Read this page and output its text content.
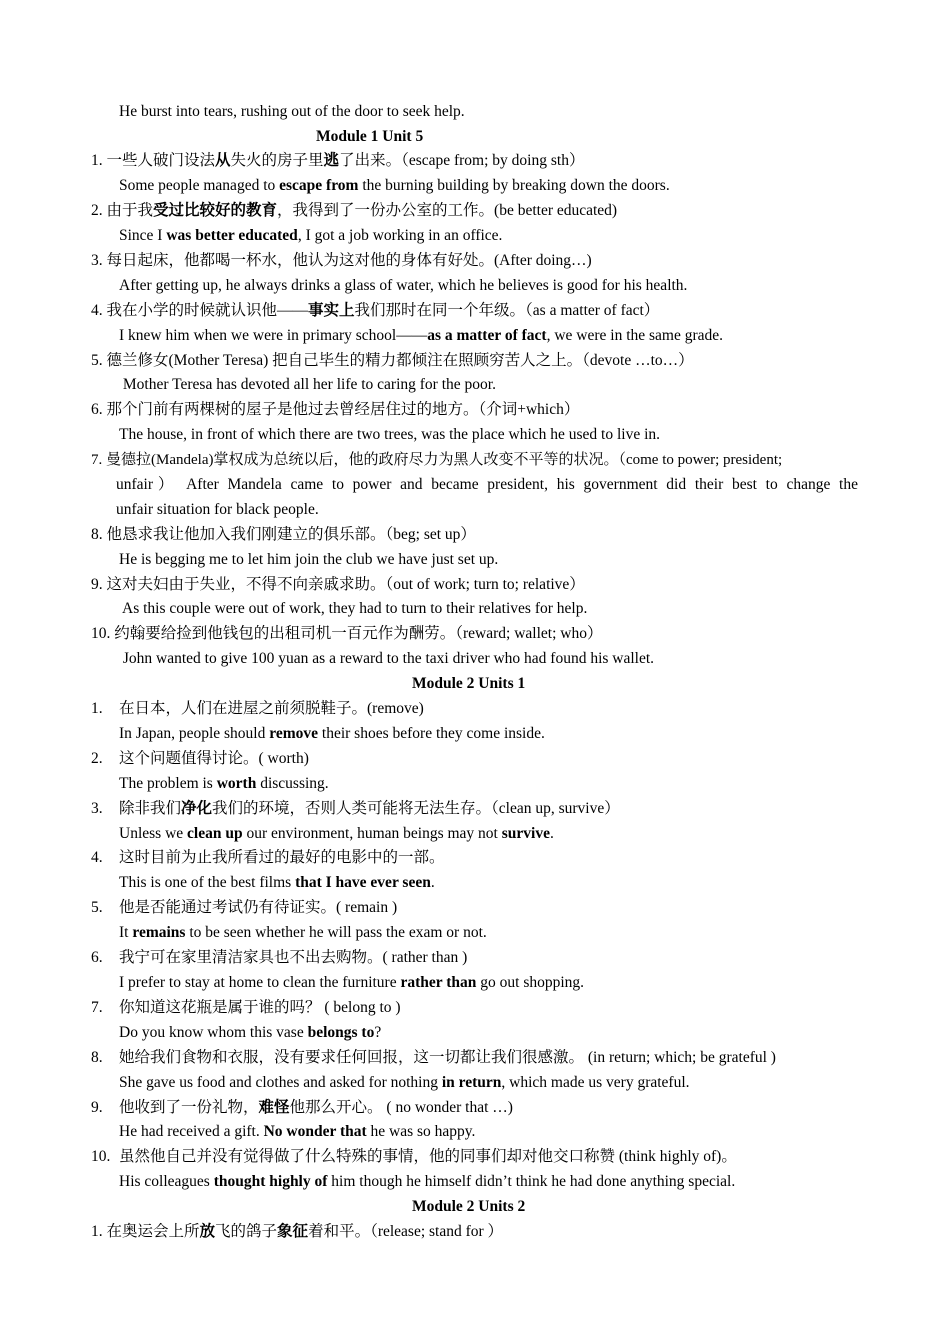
He burst into tears, rushing out of the door to seek help.
Module 1 Unit 5
1. 一些人破门设法从失火的房子里逃了出来。（escape from; by doing sth）
Some people managed to escape from the burning building by breaking down the doors.
2. 由于我受过比较好的教育，我得到了一份办公室的工作。(be better educated)
Since I was better educated, I got a job working in an office.
3. 每日起床，他都喝一杯水，他认为这对他的身体有好处。(After doing…)
After getting up, he always drinks a glass of water, which he believes is good for his health.
4. 我在小学的时候就认识他——事实上我们那时在同一个年级。（as a matter of fact）
I knew him when we were in primary school——as a matter of fact, we were in the same grade.
5. 德兰修女(Mother Teresa) 把自己毕生的精力都倾注在照顾穷苦人之上。（devote …to…）
Mother Teresa has devoted all her life to caring for the poor.
6. 那个门前有两棵树的屋子是他过去曾经居住过的地方。（介词+which）
The house, in front of which there are two trees, was the place which he used to live in.
7. 曼德拉(Mandela)掌权成为总统以后，他的政府尽力为黑人改变不平等的状况。（come to power; president;
unfair） After Mandela came to power and became president, his government did their best to change the
unfair situation for black people.
8. 他恳求我让他加入我们刚建立的俱乐部。（beg; set up）
He is begging me to let him join the club we have just set up.
9. 这对夫妇由于失业，不得不向亲戚求助。（out of work; turn to; relative）
As this couple were out of work, they had to turn to their relatives for help.
10. 约翰要给捡到他钱包的出租司机一百元作为酬劳。（reward; wallet; who）
John wanted to give 100 yuan as a reward to the taxi driver who had found his wallet.
Module 2 Units 1
1. 在日本，人们在进屋之前须脱鞋子。(remove)
In Japan, people should remove their shoes before they come inside.
2. 这个问题值得讨论。( worth)
The problem is worth discussing.
3. 除非我们净化我们的环境，否则人类可能将无法生存。（clean up, survive）
Unless we clean up our environment, human beings may not survive.
4. 这时目前为止我所看过的最好的电影中的一部。
This is one of the best films that I have ever seen.
5. 他是否能通过考试仍有待证实。( remain )
It remains to be seen whether he will pass the exam or not.
6. 我宁可在家里清洁家具也不出去购物。( rather than )
I prefer to stay at home to clean the furniture rather than go out shopping.
7. 你知道这花瓶是属于谁的吗？ ( belong to )
Do you know whom this vase belongs to?
8. 她给我们食物和衣服，没有要求任何回报，这一切都让我们很感激。 (in return; which; be grateful )
She gave us food and clothes and asked for nothing in return, which made us very grateful.
9. 他收到了一份礼物，难怪他那么开心。 ( no wonder that …)
He had received a gift. No wonder that he was so happy.
10. 虽然他自己并没有觉得做了什么特殊的事情，他的同事们却对他交口称赞 (think highly of)。
His colleagues thought highly of him though he himself didn’t think he had done anything special.
Module 2 Units 2
1. 在奥运会上所放飞的鸽子象征着和平。（release; stand for ）
